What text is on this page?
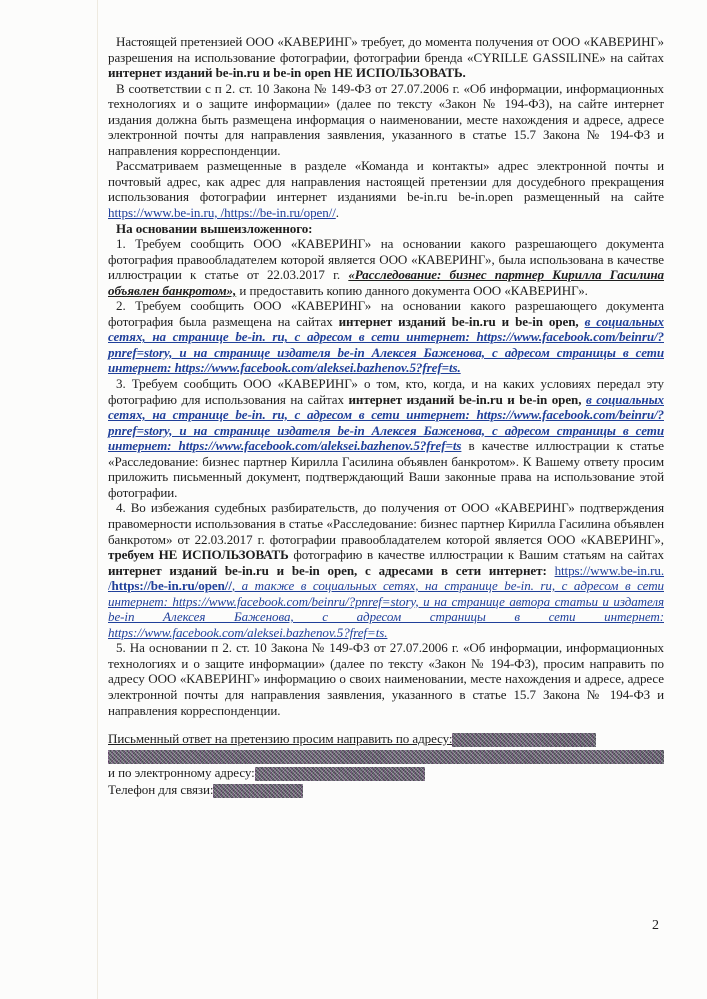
Настоящей претензией ООО «КАВЕРИНГ» требует, до момента получения от ООО «КАВЕРИНГ» разрешения на использование фотографии, фотографии бренда «CYRILLE GASSILINE» на сайтах интернет изданий be-in.ru и be-in open НЕ ИСПОЛЬЗОВАТЬ.

В соответствии с п 2. ст. 10 Закона № 149-ФЗ от 27.07.2006 г. «Об информации, информационных технологиях и о защите информации» (далее по тексту «Закон № 194-ФЗ), на сайте интернет издания должна быть размещена информация о наименовании, месте нахождения и адресе, адресе электронной почты для направления заявления, указанного в статье 15.7 Закона № 194-ФЗ и направления корреспонденции.

Рассматриваем размещенные в разделе «Команда и контакты» адрес электронной почты и почтовый адрес, как адрес для направления настоящей претензии для досудебного прекращения использования фотографии интернет изданиями be-in.ru be-in.open размещенный на сайте https://www.be-in.ru, /https://be-in.ru/open//.

На основании вышеизложенного:

1. Требуем сообщить ООО «КАВЕРИНГ» на основании какого разрешающего документа фотография правообладателем которой является ООО «КАВЕРИНГ», была использована в качестве иллюстрации к статье от 22.03.2017 г. «Расследование: бизнес партнер Кирилла Гасилина объявлен банкротом», и предоставить копию данного документа ООО «КАВЕРИНГ».

2. Требуем сообщить ООО «КАВЕРИНГ» на основании какого разрешающего документа фотография была размещена на сайтах интернет изданий be-in.ru и be-in open, в социальных сетях, на странице be-in. ru, с адресом в сети интернет: https://www.facebook.com/beinru/?pnref=story, и на странице издателя be-in Алексея Баженова, с адресом страницы в сети интернет: https://www.facebook.com/aleksei.bazhenov.5?fref=ts.

3. Требуем сообщить ООО «КАВЕРИНГ» о том, кто, когда, и на каких условиях передал эту фотографию для использования на сайтах интернет изданий be-in.ru и be-in open, в социальных сетях, на странице be-in. ru, с адресом в сети интернет: https://www.facebook.com/beinru/?pnref=story, и на странице издателя be-in Алексея Баженова, с адресом страницы в сети интернет: https://www.facebook.com/aleksei.bazhenov.5?fref=ts в качестве иллюстрации к статье «Расследование: бизнес партнер Кирилла Гасилина объявлен банкротом». К Вашему ответу просим приложить письменный документ, подтверждающий Ваши законные права на использование этой фотографии.

4. Во избежания судебных разбирательств, до получения от ООО «КАВЕРИНГ» подтверждения правомерности использования в статье «Расследование: бизнес партнер Кирилла Гасилина объявлен банкротом» от 22.03.2017 г. фотографии правообладателем которой является ООО «КАВЕРИНГ», требуем НЕ ИСПОЛЬЗОВАТЬ фотографию в качестве иллюстрации к Вашим статьям на сайтах интернет изданий be-in.ru и be-in open, с адресами в сети интернет: https://www.be-in.ru. /https://be-in.ru/open//, а также в социальных сетях, на странице be-in. ru, с адресом в сети интернет: https://www.facebook.com/beinru/?pnref=story, и на странице автора статьи и издателя be-in Алексея Баженова, с адресом страницы в сети интернет: https://www.facebook.com/aleksei.bazhenov.5?fref=ts.

5. На основании п 2. ст. 10 Закона № 149-ФЗ от 27.07.2006 г. «Об информации, информационных технологиях и о защите информации» (далее по тексту «Закон № 194-ФЗ), просим направить по адресу ООО «КАВЕРИНГ» информацию о своих наименовании, месте нахождения и адресе, адресе электронной почты для направления заявления, указанного в статье 15.7 Закона № 194-ФЗ и направления корреспонденции.

Письменный ответ на претензию просим направить по адресу:
и по электронному адресу:
Телефон для связи:
2
